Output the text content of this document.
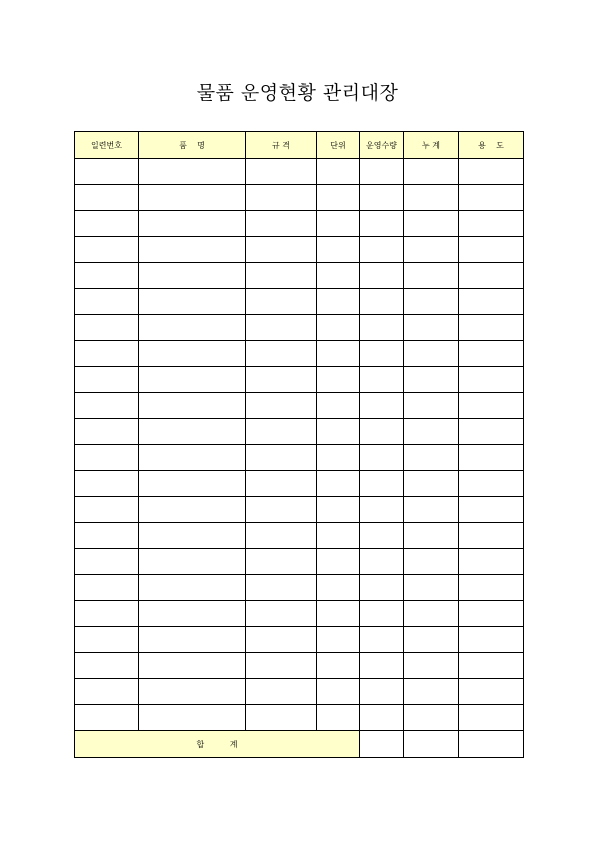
물품 운영현황 관리대장
일련번호	품    명	규 격	단위	운영수량	누 계	용    도

합          계						
